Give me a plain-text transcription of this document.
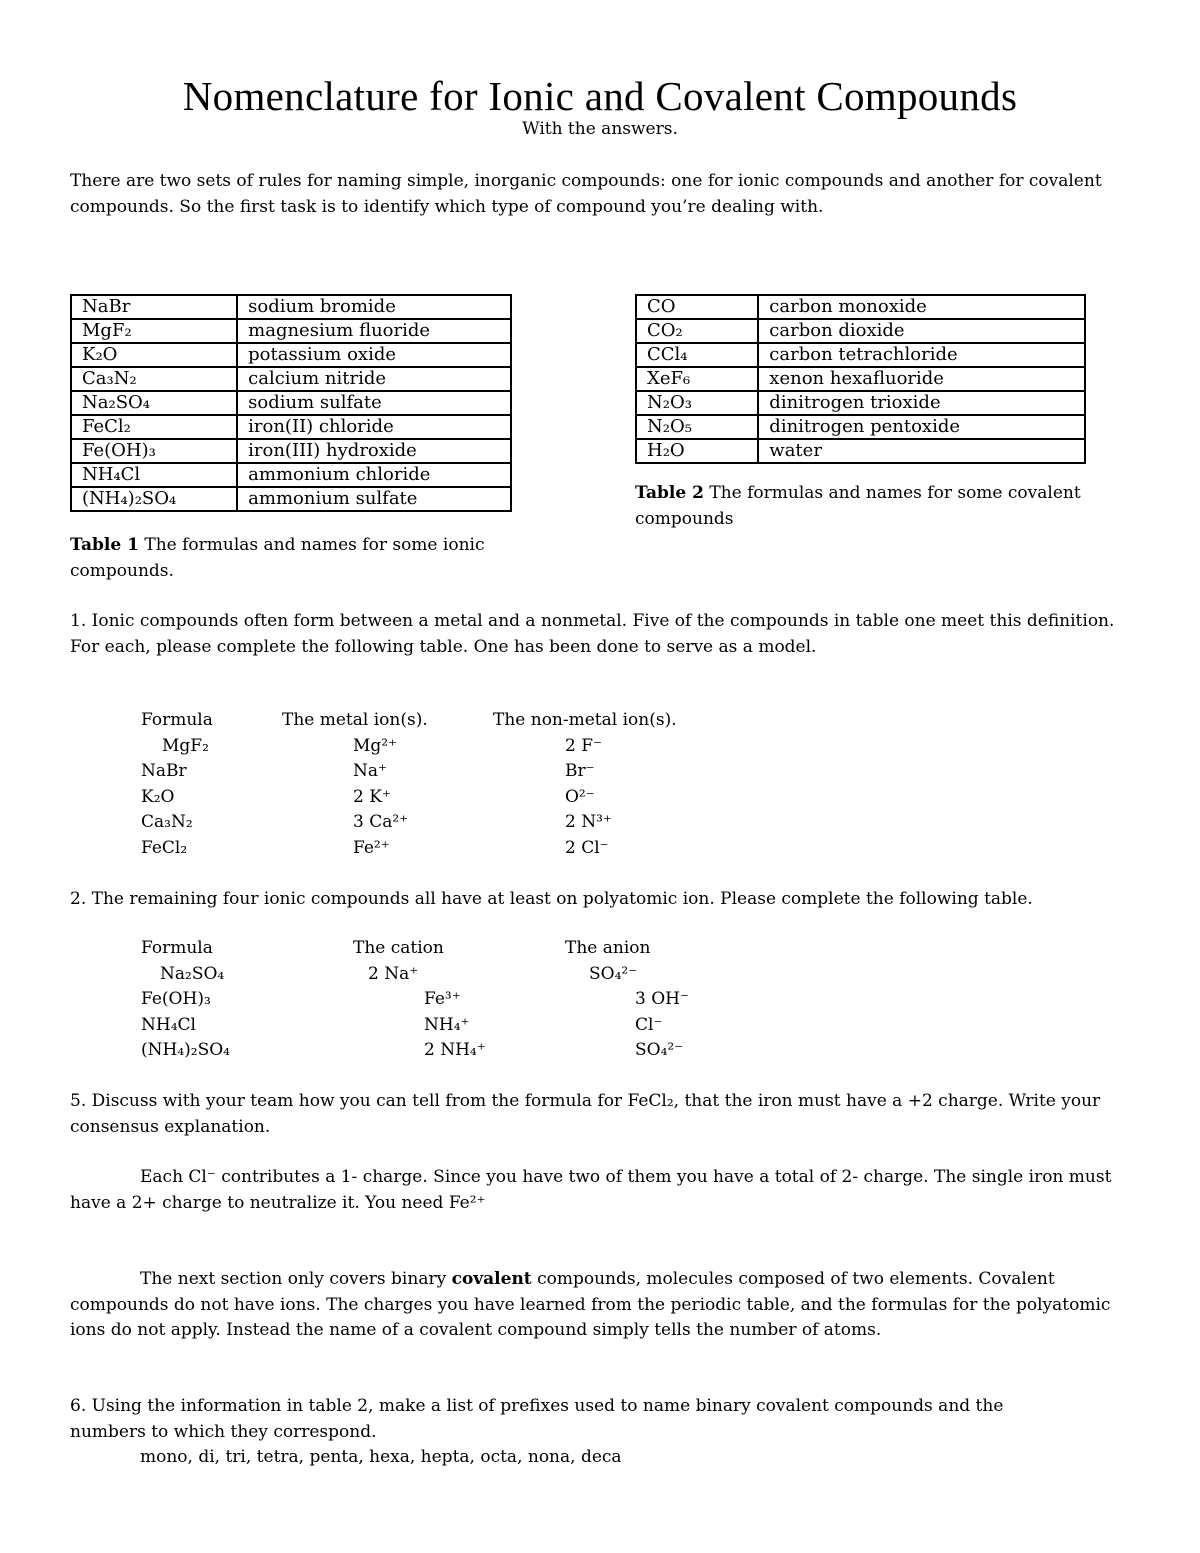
Nomenclature for Ionic and Covalent Compounds
With the answers.
There are two sets of rules for naming simple, inorganic compounds: one for ionic compounds and another for covalent compounds. So the first task is to identify which type of compound you’re dealing with.
NaBr	sodium bromide
MgF₂	magnesium fluoride
K₂O	potassium oxide
Ca₃N₂	calcium nitride
Na₂SO₄	sodium sulfate
FeCl₂	iron(II) chloride
Fe(OH)₃	iron(III) hydroxide
NH₄Cl	ammonium chloride
(NH₄)₂SO₄	ammonium sulfate
Table 1 The formulas and names for some ionic compounds.
CO	carbon monoxide
CO₂	carbon dioxide
CCl₄	carbon tetrachloride
XeF₆	xenon hexafluoride
N₂O₃	dinitrogen trioxide
N₂O₅	dinitrogen pentoxide
H₂O	water
Table 2 The formulas and names for some covalent compounds
1. Ionic compounds often form between a metal and a nonmetal. Five of the compounds in table one meet this definition. For each, please complete the following table. One has been done to serve as a model.
Formula	The metal ion(s).	The non-metal ion(s).
MgF₂	Mg²⁺	2 F⁻
NaBr	Na⁺	Br⁻
K₂O	2 K⁺	O²⁻
Ca₃N₂	3 Ca²⁺	2 N³⁺
FeCl₂	Fe²⁺	2 Cl⁻
2. The remaining four ionic compounds all have at least on polyatomic ion. Please complete the following table.
Formula	The cation	The anion
Na₂SO₄	2 Na⁺	SO₄²⁻
Fe(OH)₃	Fe³⁺	3 OH⁻
NH₄Cl	NH₄⁺	Cl⁻
(NH₄)₂SO₄	2 NH₄⁺	SO₄²⁻
5. Discuss with your team how you can tell from the formula for FeCl₂, that the iron must have a +2 charge. Write your consensus explanation.
Each Cl⁻ contributes a 1- charge. Since you have two of them you have a total of 2- charge. The single iron must have a 2+ charge to neutralize it. You need Fe²⁺
The next section only covers binary covalent compounds, molecules composed of two elements. Covalent compounds do not have ions. The charges you have learned from the periodic table, and the formulas for the polyatomic ions do not apply. Instead the name of a covalent compound simply tells the number of atoms.
6. Using the information in table 2, make a list of prefixes used to name binary covalent compounds and the numbers to which they correspond.
mono, di, tri, tetra, penta, hexa, hepta, octa, nona, deca
